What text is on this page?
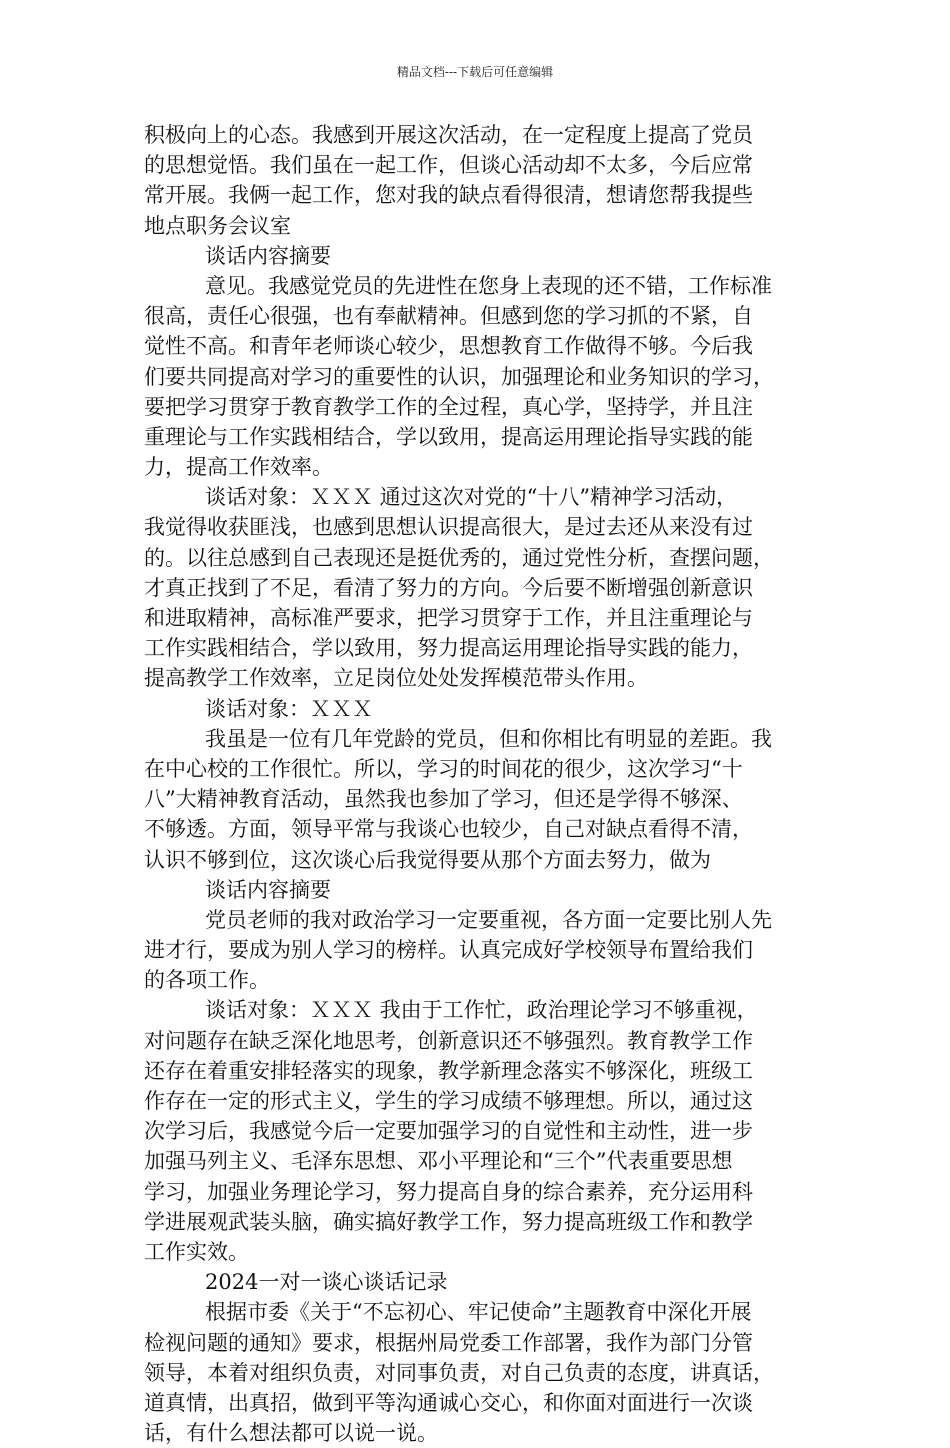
精品文档---下载后可任意编辑
积极向上的心态。我感到开展这次活动，在一定程度上提高了党员
的思想觉悟。我们虽在一起工作，但谈心活动却不太多，今后应常
常开展。我俩一起工作，您对我的缺点看得很清，想请您帮我提些
地点职务会议室
谈话内容摘要
意见。我感觉党员的先进性在您身上表现的还不错，工作标准
很高，责任心很强，也有奉献精神。但感到您的学习抓的不紧，自
觉性不高。和青年老师谈心较少，思想教育工作做得不够。今后我
们要共同提高对学习的重要性的认识，加强理论和业务知识的学习，
要把学习贯穿于教育教学工作的全过程，真心学，坚持学，并且注
重理论与工作实践相结合，学以致用，提高运用理论指导实践的能
力，提高工作效率。
谈话对象：ＸＸＸ 通过这次对党的“十八”精神学习活动，
我觉得收获匪浅，也感到思想认识提高很大，是过去还从来没有过
的。以往总感到自己表现还是挺优秀的，通过党性分析，查摆问题，
才真正找到了不足，看清了努力的方向。今后要不断增强创新意识
和进取精神，高标准严要求，把学习贯穿于工作，并且注重理论与
工作实践相结合，学以致用，努力提高运用理论指导实践的能力，
提高教学工作效率，立足岗位处处发挥模范带头作用。
谈话对象：ＸＸＸ
我虽是一位有几年党龄的党员，但和你相比有明显的差距。我
在中心校的工作很忙。所以，学习的时间花的很少，这次学习“十
八”大精神教育活动，虽然我也参加了学习，但还是学得不够深、
不够透。方面，领导平常与我谈心也较少，自己对缺点看得不清，
认识不够到位，这次谈心后我觉得要从那个方面去努力，做为
谈话内容摘要
党员老师的我对政治学习一定要重视，各方面一定要比别人先
进才行，要成为别人学习的榜样。认真完成好学校领导布置给我们
的各项工作。
谈话对象：ＸＸＸ 我由于工作忙，政治理论学习不够重视，
对问题存在缺乏深化地思考，创新意识还不够强烈。教育教学工作
还存在着重安排轻落实的现象，教学新理念落实不够深化，班级工
作存在一定的形式主义，学生的学习成绩不够理想。所以，通过这
次学习后，我感觉今后一定要加强学习的自觉性和主动性，进一步
加强马列主义、毛泽东思想、邓小平理论和“三个”代表重要思想
学习，加强业务理论学习，努力提高自身的综合素养，充分运用科
学进展观武装头脑，确实搞好教学工作，努力提高班级工作和教学
工作实效。
2024一对一谈心谈话记录
根据市委《关于“不忘初心、牢记使命”主题教育中深化开展
检视问题的通知》要求，根据州局党委工作部署，我作为部门分管
领导，本着对组织负责，对同事负责，对自己负责的态度，讲真话，
道真情，出真招，做到平等沟通诚心交心，和你面对面进行一次谈
话，有什么想法都可以说一说。
